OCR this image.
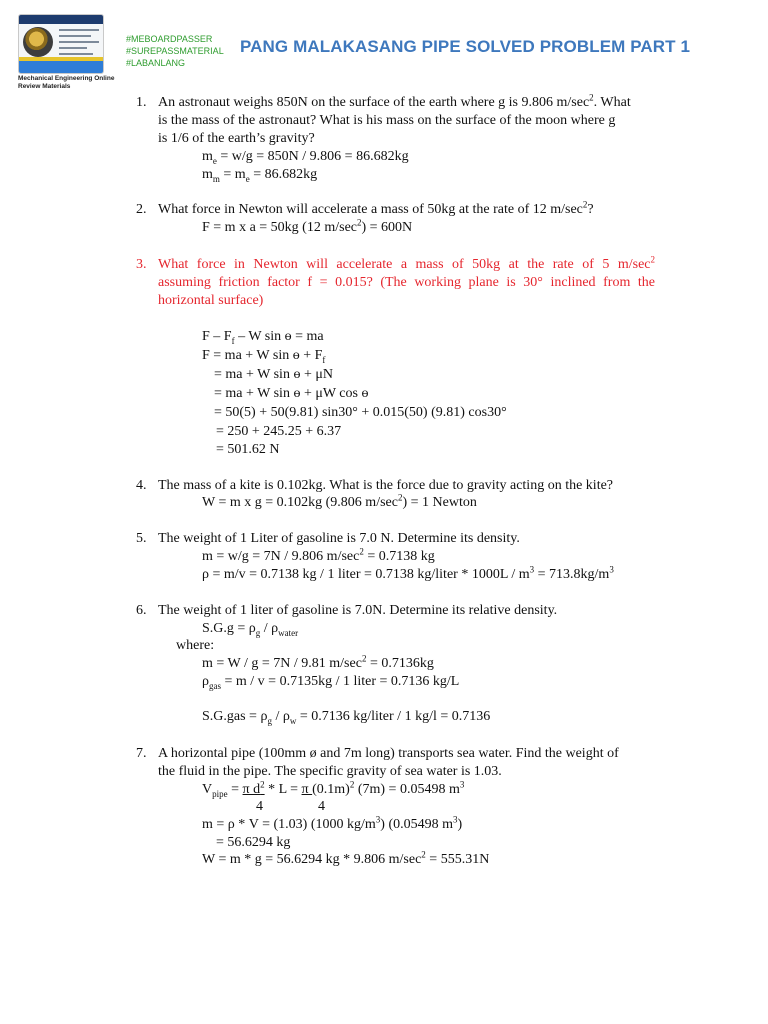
Mechanical Engineering Online Review Materials
#MEBOARDPASSER
#SUREPASSMATERIAL
#LABANLANG
PANG MALAKASANG PIPE SOLVED PROBLEM PART 1
1. An astronaut weighs 850N on the surface of the earth where g is 9.806 $m/\sec^2$. What
is the mass of the astronaut? What is his mass on the surface of the moon where g
is 1/6 of the earth’s gravity?
$m_e = w/g = 850N / 9.806 = 86.682kg$
$m_m = m_e = 86.682kg$
2. What force in Newton will accelerate a mass of 50kg at the rate of 12 $m/\sec^2$?
F = m x a = 50kg (12 $m/\sec^2) = 600N$
3. What force in Newton will accelerate a mass of 50kg at the rate of 5 $m/\sec^2$
assuming friction factor f = 0.015? (The working plane is 30° inclined from the
horizontal surface)
F – $F_f$ – W sin ɵ = ma
F = ma + W sin ɵ + $F_f$
= ma + W sin ɵ + μN
= ma + W sin ɵ + μW cos ɵ
= 50(5) + 50(9.81) sin30° + 0.015(50) (9.81) cos30°
= 250 + 245.25 + 6.37
= 501.62 N
4. The mass of a kite is 0.102kg. What is the force due to gravity acting on the kite?
W = m x g = 0.102kg (9.806 $m/\sec^2) = 1$ Newton
5. The weight of 1 Liter of gasoline is 7.0 N. Determine its density.
m = w/g = 7N / 9.806 $m/\sec^2 = 0.7138$ kg
ρ = m/v = 0.7138 kg / 1 liter = 0.7138 kg/liter * $1000L / m^3 = 713.8kg/m^3$
6. The weight of 1 liter of gasoline is 7.0N. Determine its relative density.
$S.G.g = \rho_g / \rho_{water}$
where:
m = W / g = 7N / 9.81 $m/\sec^2 = 0.7136kg$
$\rho_{gas} = m / v = 0.7135kg / 1$ liter = 0.7136 kg/L
$S.G.gas = \rho_g / \rho_w = 0.7136$ kg/liter / 1 kg/l = 0.7136
7. A horizontal pipe (100mm ø and 7m long) transports sea water. Find the weight of
the fluid in the pipe. The specific gravity of sea water is 1.03.
$V_{pipe} = \pi$ $d^2 * L = \pi$ $(0.1m)^2$ (7m) = 0.05498 $m^3$
4	4
m = ρ * V = (1.03) (1000 $kg/m^3$) (0.05498 $m^3$)
= 56.6294 kg
W = m * g = 56.6294 kg * 9.806 $m/\sec^2 = 555.31N$
